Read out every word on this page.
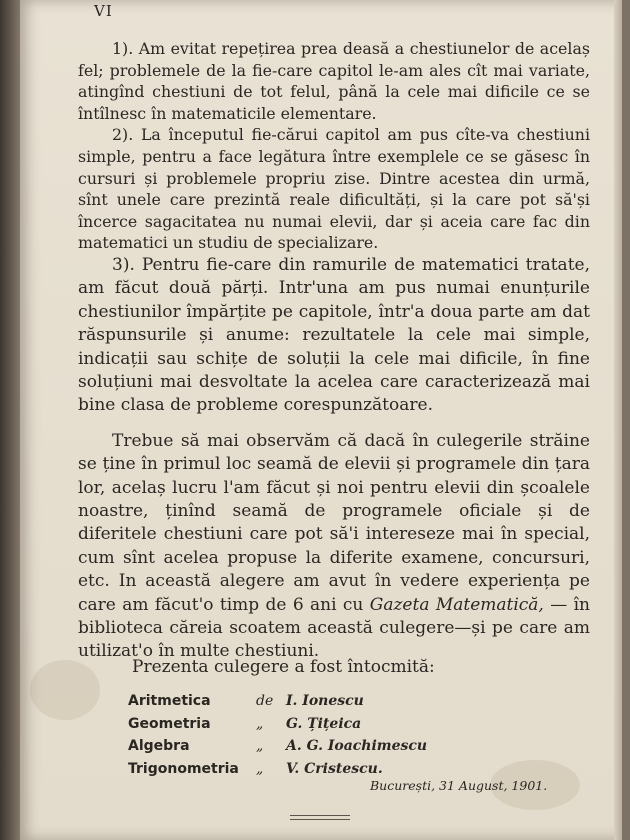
VI

1). Am evitat repețirea prea deasă a chestiunelor de acelaș fel; problemele de la fie-care capitol le-am ales cît mai variate, atingînd chestiuni de tot felul, până la cele mai dificile ce se întîlnesc în matematicile elementare.

2). La începutul fie-cărui capitol am pus cîte-va chestiuni simple, pentru a face legătura între exemplele ce se găsesc în cursuri și problemele propriu zise. Dintre acestea din urmă, sînt unele care prezintă reale dificultăți, și la care pot să'și încerce sagacitatea nu numai elevii, dar și aceia care fac din matematici un studiu de specializare.

3). Pentru fie-care din ramurile de matematici tratate, am făcut două părți. Intr'una am pus numai enunțurile chestiunilor împărțite pe capitole, într'a doua parte am dat răspunsurile și anume: rezultatele la cele mai simple, indicații sau schițe de soluții la cele mai dificile, în fine soluțiuni mai desvoltate la acelea care caracterizează mai bine clasa de probleme corespunzătoare.

Trebue să mai observăm că dacă în culegerile străine se ține în primul loc seamă de elevii și programele din țara lor, acelaș lucru l'am făcut și noi pentru elevii din școalele noastre, ținînd seamă de programele oficiale și de diferitele chestiuni care pot să'i intereseze mai în special, cum sînt acelea propuse la diferite examene, concursuri, etc. In această alegere am avut în vedere experiența pe care am făcut'o timp de 6 ani cu Gazeta Matematică, — în biblioteca căreia scoatem această culegere—și pe care am utilizat'o în multe chestiuni.

Prezenta culegere a fost întocmită:
Aritmetica	de I. Ionescu
Geometria	„	G. Țițeica
Algebra	„	A. G. Ioachimescu
Trigonometria	„	V. Cristescu.
București, 31 August, 1901.
